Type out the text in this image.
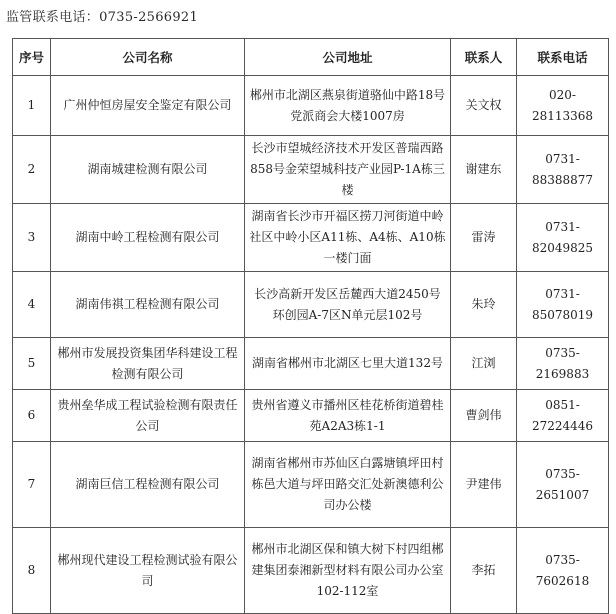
监管联系电话：0735-2566921
序号	公司名称	公司地址	联系人	联系电话
1	广州仲恒房屋安全鉴定有限公司	郴州市北湖区燕泉街道骆仙中路18号党派商会大楼1007房	关文权	020-28113368
2	湖南城建检测有限公司	长沙市望城经济技术开发区普瑞西路858号金荣望城科技产业园P-1A栋三楼	谢建东	0731-88388877
3	湖南中岭工程检测有限公司	湖南省长沙市开福区捞刀河街道中岭社区中岭小区A11栋、A4栋、A10栋一楼门面	雷涛	0731-82049825
4	湖南伟祺工程检测有限公司	长沙高新开发区岳麓西大道2450号环创园A-7区N单元层102号	朱玲	0731-85078019
5	郴州市发展投资集团华科建设工程检测有限公司	湖南省郴州市北湖区七里大道132号	江浏	0735-2169883
6	贵州垒华成工程试验检测有限责任公司	贵州省遵义市播州区桂花桥街道碧桂苑A2A3栋1-1	曹剑伟	0851-27224446
7	湖南巨信工程检测有限公司	湖南省郴州市苏仙区白露塘镇坪田村栋邑大道与坪田路交汇处新澳德利公司办公楼	尹建伟	0735-2651007
8	郴州现代建设工程检测试验有限公司	郴州市北湖区保和镇大树下村四组郴建集团泰湘新型材料有限公司办公室102-112室	李拓	0735-7602618
